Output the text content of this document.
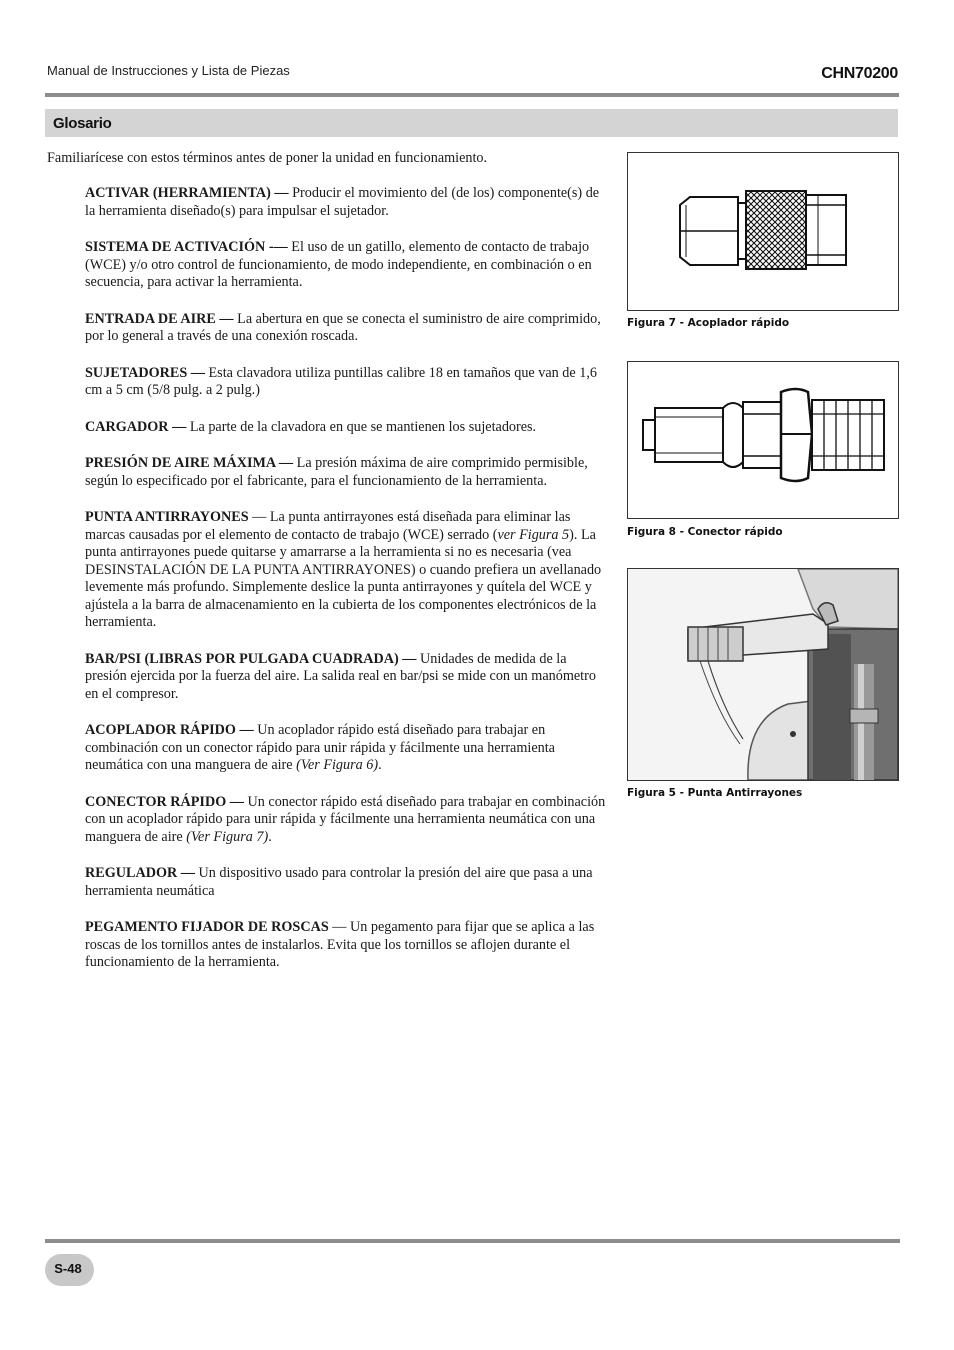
Manual de Instrucciones y Lista de Piezas	CHN70200
Glosario
Familiarícese con estos términos antes de poner la unidad en funcionamiento.

ACTIVAR (HERRAMIENTA) — Producir el movimiento del (de los) componente(s) de la herramienta diseñado(s) para impulsar el sujetador.

SISTEMA DE ACTIVACIÓN -— El uso de un gatillo, elemento de contacto de trabajo (WCE) y/o otro control de funcionamiento, de modo independiente, en combinación o en secuencia, para activar la herramienta.

ENTRADA DE AIRE — La abertura en que se conecta el suministro de aire comprimido, por lo general a través de una conexión roscada.

SUJETADORES — Esta clavadora utiliza puntillas calibre 18 en tamaños que van de 1,6 cm a 5 cm (5/8 pulg. a 2 pulg.)

CARGADOR — La parte de la clavadora en que se mantienen los sujetadores.

PRESIÓN DE AIRE MÁXIMA — La presión máxima de aire comprimido permisible, según lo especificado por el fabricante, para el funcionamiento de la herramienta.

PUNTA ANTIRRAYONES — La punta antirrayones está diseñada para eliminar las marcas causadas por el elemento de contacto de trabajo (WCE) serrado (ver Figura 5). La punta antirrayones puede quitarse y amarrarse a la herramienta si no es necesaria (vea DESINSTALACIÓN DE LA PUNTA ANTIRRAYONES) o cuando prefiera un avellanado levemente más profundo. Simplemente deslice la punta antirrayones y quítela del WCE y ajústela a la barra de almacenamiento en la cubierta de los componentes electrónicos de la herramienta.

BAR/PSI (LIBRAS POR PULGADA CUADRADA) — Unidades de medida de la presión ejercida por la fuerza del aire. La salida real en bar/psi se mide con un manómetro en el compresor.

ACOPLADOR RÁPIDO — Un acoplador rápido está diseñado para trabajar en combinación con un conector rápido para unir rápida y fácilmente una herramienta neumática con una manguera de aire (Ver Figura 6).

CONECTOR RÁPIDO — Un conector rápido está diseñado para trabajar en combinación con un acoplador rápido para unir rápida y fácilmente una herramienta neumática con una manguera de aire (Ver Figura 7).

REGULADOR — Un dispositivo usado para controlar la presión del aire que pasa a una herramienta neumática

PEGAMENTO FIJADOR DE ROSCAS — Un pegamento para fijar que se aplica a las roscas de los tornillos antes de instalarlos. Evita que los tornillos se aflojen durante el funcionamiento de la herramienta.

Figura 7 - Acoplador rápido
Figura 8 - Conector rápido
Figura 5 - Punta Antirrayones
S-48
